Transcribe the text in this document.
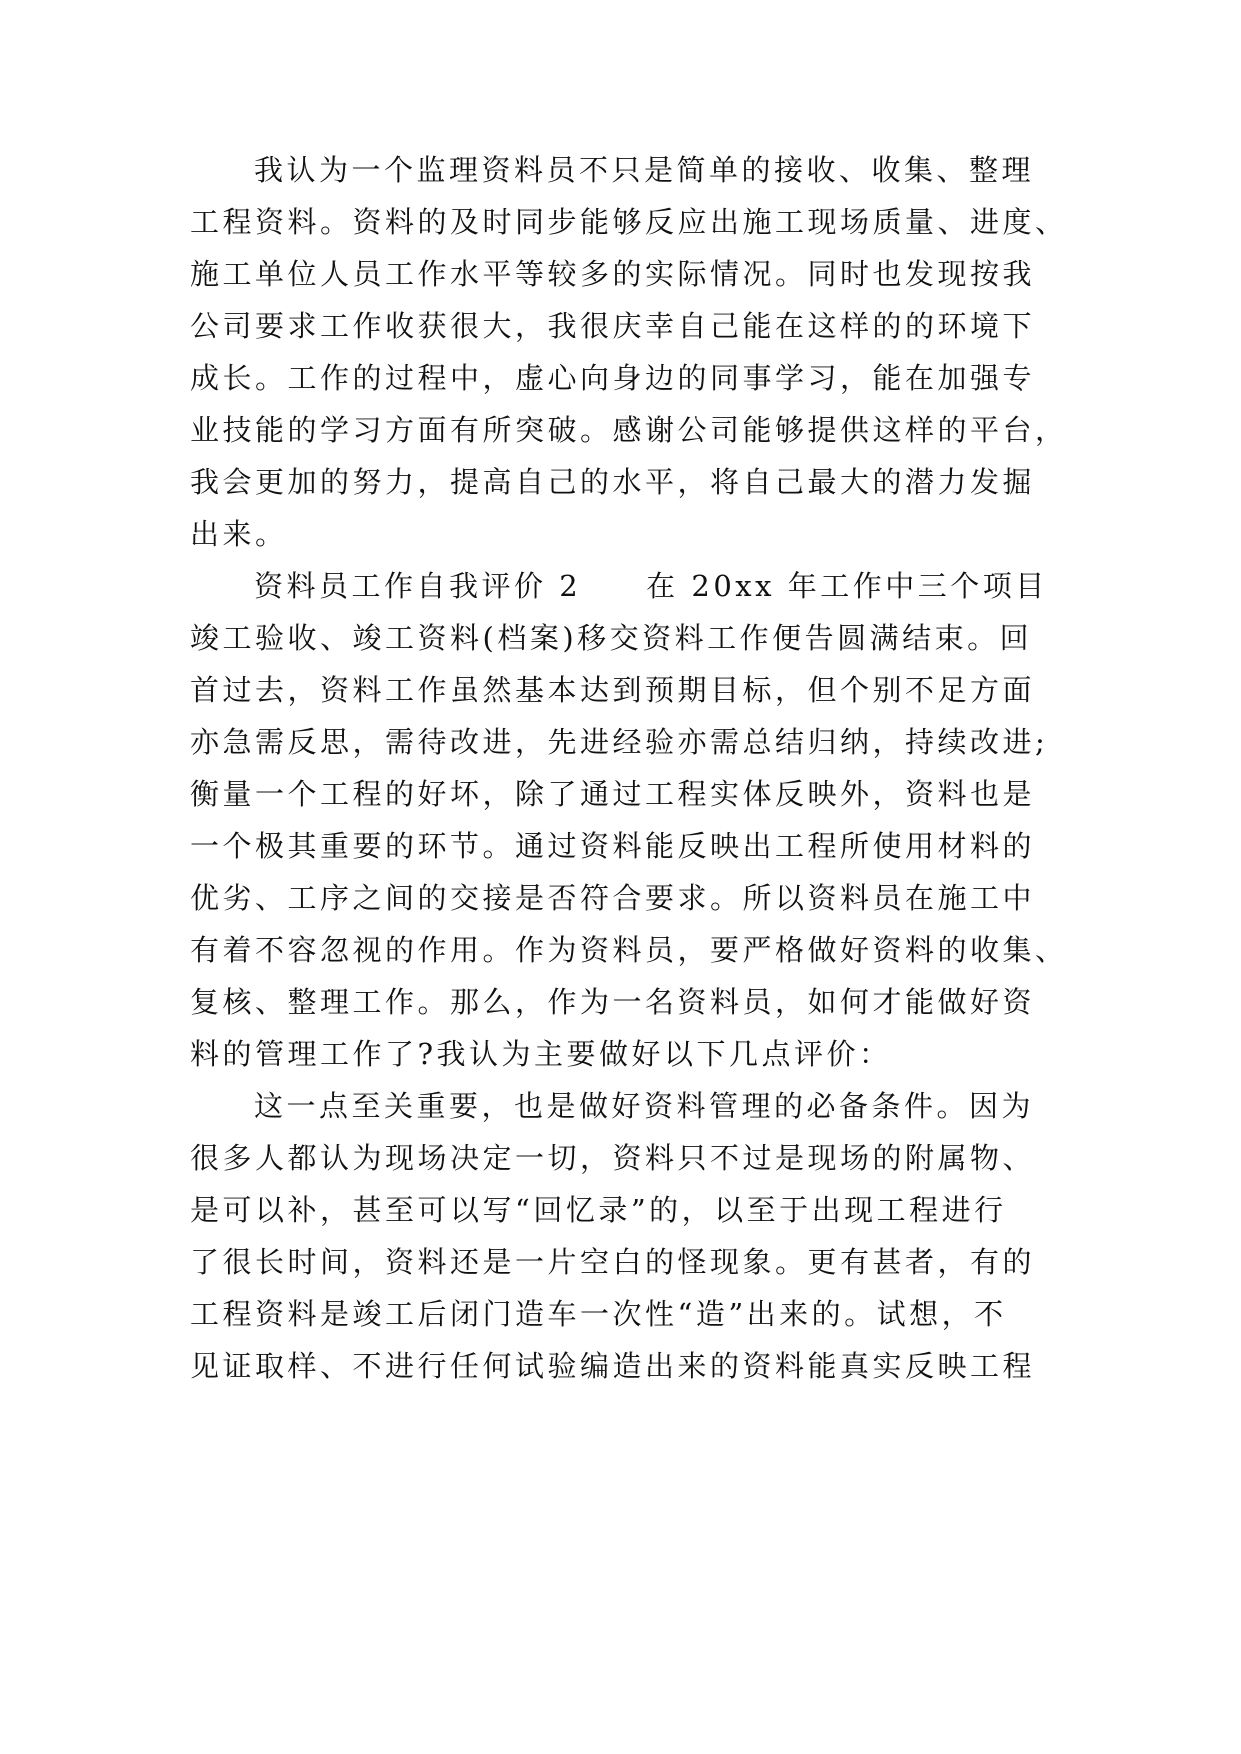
我认为一个监理资料员不只是简单的接收、收集、整理
工程资料。资料的及时同步能够反应出施工现场质量、进度、
施工单位人员工作水平等较多的实际情况。同时也发现按我
公司要求工作收获很大，我很庆幸自己能在这样的的环境下
成长。工作的过程中，虚心向身边的同事学习，能在加强专
业技能的学习方面有所突破。感谢公司能够提供这样的平台，
我会更加的努力，提高自己的水平，将自己最大的潜力发掘
出来。
资料员工作自我评价 2　　在 20xx 年工作中三个项目
竣工验收、竣工资料(档案)移交资料工作便告圆满结束。回
首过去，资料工作虽然基本达到预期目标，但个别不足方面
亦急需反思，需待改进，先进经验亦需总结归纳，持续改进;
衡量一个工程的好坏，除了通过工程实体反映外，资料也是
一个极其重要的环节。通过资料能反映出工程所使用材料的
优劣、工序之间的交接是否符合要求。所以资料员在施工中
有着不容忽视的作用。作为资料员，要严格做好资料的收集、
复核、整理工作。那么，作为一名资料员，如何才能做好资
料的管理工作了?我认为主要做好以下几点评价：
这一点至关重要，也是做好资料管理的必备条件。因为
很多人都认为现场决定一切，资料只不过是现场的附属物、
是可以补，甚至可以写“回忆录”的，以至于出现工程进行
了很长时间，资料还是一片空白的怪现象。更有甚者，有的
工程资料是竣工后闭门造车一次性“造”出来的。试想，不
见证取样、不进行任何试验编造出来的资料能真实反映工程
